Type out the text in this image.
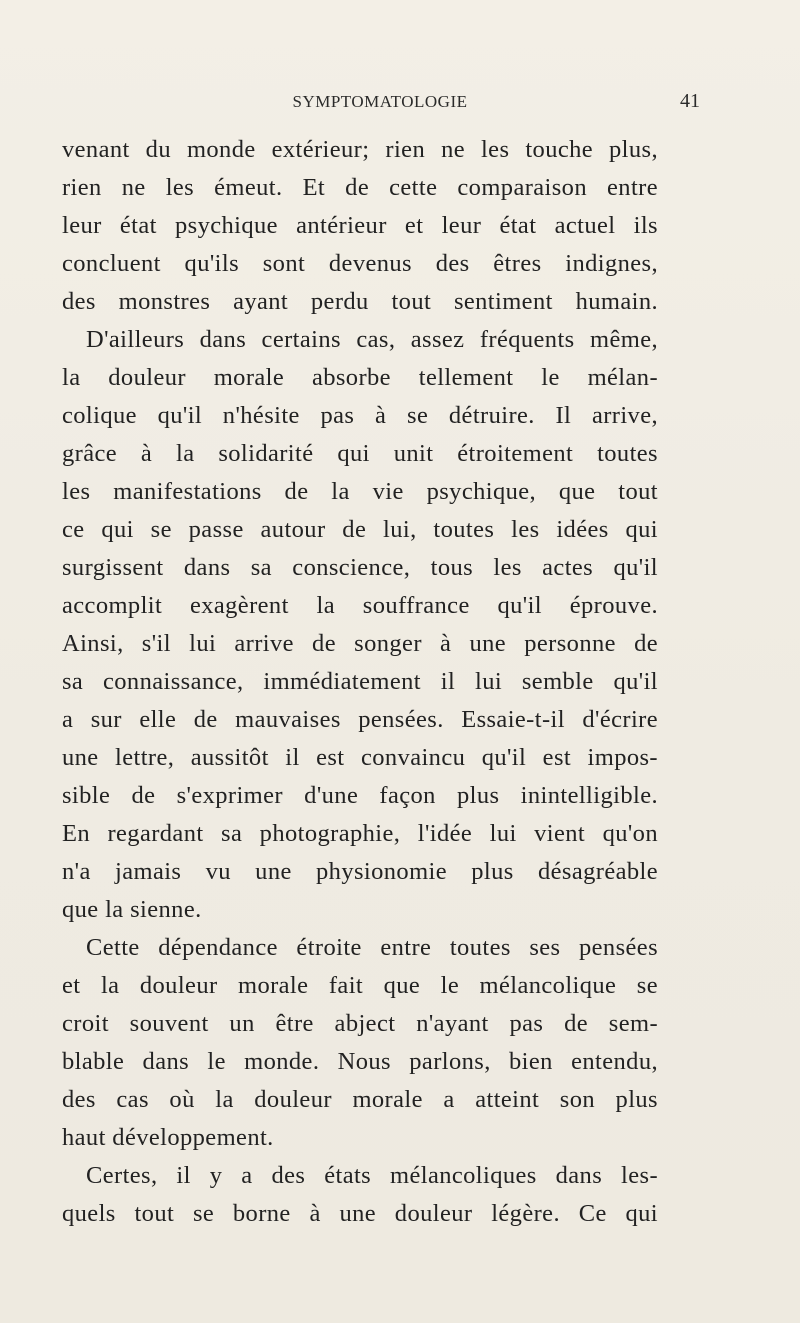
SYMPTOMATOLOGIE	41
venant du monde extérieur; rien ne les touche plus,
rien ne les émeut. Et de cette comparaison entre
leur état psychique antérieur et leur état actuel ils
concluent qu'ils sont devenus des êtres indignes,
des monstres ayant perdu tout sentiment humain.
D'ailleurs dans certains cas, assez fréquents même,
la douleur morale absorbe tellement le mélan-
colique qu'il n'hésite pas à se détruire. Il arrive,
grâce à la solidarité qui unit étroitement toutes
les manifestations de la vie psychique, que tout
ce qui se passe autour de lui, toutes les idées qui
surgissent dans sa conscience, tous les actes qu'il
accomplit exagèrent la souffrance qu'il éprouve.
Ainsi, s'il lui arrive de songer à une personne de
sa connaissance, immédiatement il lui semble qu'il
a sur elle de mauvaises pensées. Essaie-t-il d'écrire
une lettre, aussitôt il est convaincu qu'il est impos-
sible de s'exprimer d'une façon plus inintelligible.
En regardant sa photographie, l'idée lui vient qu'on
n'a jamais vu une physionomie plus désagréable
que la sienne.
Cette dépendance étroite entre toutes ses pensées
et la douleur morale fait que le mélancolique se
croit souvent un être abject n'ayant pas de sem-
blable dans le monde. Nous parlons, bien entendu,
des cas où la douleur morale a atteint son plus
haut développement.
Certes, il y a des états mélancoliques dans les-
quels tout se borne à une douleur légère. Ce qui
